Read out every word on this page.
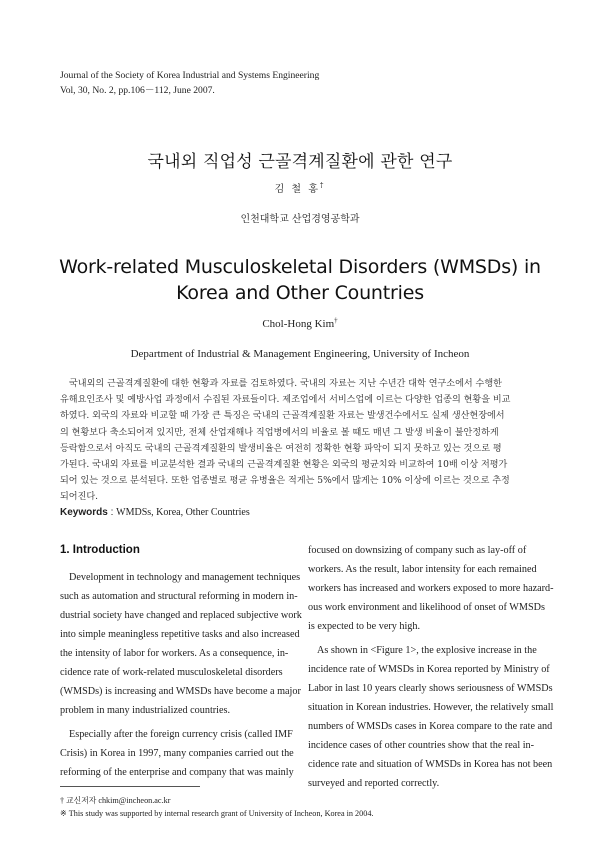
Journal of the Society of Korea Industrial and Systems Engineering
Vol, 30, No. 2, pp.106－112, June 2007.
국내외 직업성 근골격계질환에 관한 연구
김 철 홍†
인천대학교 산업경영공학과
Work-related Musculoskeletal Disorders (WMSDs) in
Korea and Other Countries
Chol-Hong Kim†
Department of Industrial & Management Engineering, University of Incheon
국내외의 근골격계질환에 대한 현황과 자료를 검토하였다. 국내의 자료는 지난 수년간 대학 연구소에서 수행한
유해요인조사 및 예방사업 과정에서 수집된 자료들이다. 제조업에서 서비스업에 이르는 다양한 업종의 현황을 비교
하였다. 외국의 자료와 비교할 때 가장 큰 특징은 국내의 근골격계질환 자료는 발생건수에서도 실제 생산현장에서
의 현황보다 축소되어져 있지만, 전체 산업재해나 직업병에서의 비율로 볼 때도 매년 그 발생 비율이 불안정하게
등락함으로서 아직도 국내의 근골격계질환의 발생비율은 여전히 정확한 현황 파악이 되지 못하고 있는 것으로 평
가된다. 국내외 자료를 비교분석한 결과 국내의 근골격계질환 현황은 외국의 평균치와 비교하여 10배 이상 저평가
되어 있는 것으로 분석된다. 또한 업종별로 평균 유병율은 적게는 5%에서 많게는 10% 이상에 이르는 것으로 추정
되어진다.
Keywords : WMDSs, Korea, Other Countries
1. Introduction
Development in technology and management techniques
such as automation and structural reforming in modern in-
dustrial society have changed and replaced subjective work
into simple meaningless repetitive tasks and also increased
the intensity of labor for workers. As a consequence, in-
cidence rate of work-related musculoskeletal disorders
(WMSDs) is increasing and WMSDs have become a major
problem in many industrialized countries.
Especially after the foreign currency crisis (called IMF
Crisis) in Korea in 1997, many companies carried out the
reforming of the enterprise and company that was mainly
focused on downsizing of company such as lay-off of
workers. As the result, labor intensity for each remained
workers has increased and workers exposed to more hazard-
ous work environment and likelihood of onset of WMSDs
is expected to be very high.
As shown in <Figure 1>, the explosive increase in the
incidence rate of WMSDs in Korea reported by Ministry of
Labor in last 10 years clearly shows seriousness of WMSDs
situation in Korean industries. However, the relatively small
numbers of WMSDs cases in Korea compare to the rate and
incidence cases of other countries show that the real in-
cidence rate and situation of WMSDs in Korea has not been
surveyed and reported correctly.
† 교신저자 chkim@incheon.ac.kr
※ This study was supported by internal research grant of University of Incheon, Korea in 2004.
